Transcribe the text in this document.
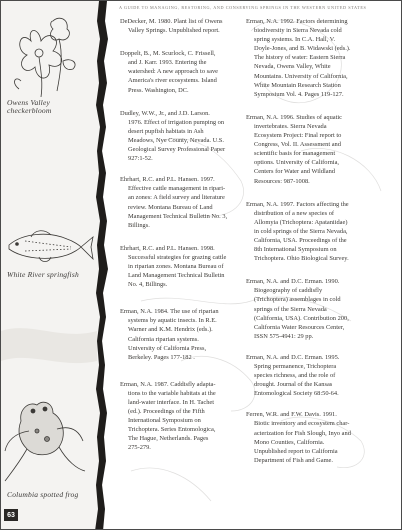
Owens Valley checkerbloom
White River springfish
Columbia spotted frog
63
A GUIDE TO MANAGING, RESTORING, AND CONSERVING SPRINGS IN THE WESTERN UNITED STATES

DeDecker, M. 1980. Plant list of Owens

Valley Springs. Unpublished report.

Doppelt, B., M. Scurlock, C. Frissell,

and J. Karr. 1993. Entering the

watershed: A new approach to save

America's river ecosystems. Island

Press. Washington, DC.

Dudley, W.W., Jr., and J.D. Larson.

1976. Effect of irrigation pumping on

desert pupfish habitats in Ash

Meadows, Nye County, Nevada. U.S.

Geological Survey Professional Paper

927:1-52.

Ehrhart, R.C. and P.L. Hansen. 1997.

Effective cattle management in ripari-

an zones: A field survey and literature

review. Montana Bureau of Land

Management Technical Bulletin No. 3,

Billings.

Ehrhart, R.C. and P.L. Hansen. 1998.

Successful strategies for grazing cattle

in riparian zones. Montana Bureau of

Land Management Technical Bulletin

No. 4, Billings.

Erman, N.A. 1984. The use of riparian

systems by aquatic insects. In R.E.

Warner and K.M. Hendrix (eds.).

California riparian systems.

University of California Press,

Berkeley. Pages 177-182 .

Erman, N.A. 1987. Caddisfly adapta-

tions to the variable habitats at the

land-water interface. In H. Tachet

(ed.). Proceedings of the Fifth

International Symposium on

Trichoptera. Series Entomologica,

The Hague, Netherlands. Pages

275-279.

Erman, N.A. 1992. Factors determining

biodiversity in Sierra Nevada cold

spring systems. In C.A. Hall, V.

Doyle-Jones, and B. Widawski (eds.).

The history of water: Eastern Sierra

Nevada, Owens Valley, White

Mountains. University of California,

White Mountain Research Station

Symposium Vol. 4. Pages 119-127.

Erman, N.A. 1996. Studies of aquatic

invertebrates. Sierra Nevada

Ecosystem Project: Final report to

Congress, Vol. II. Assessment and

scientific basis for management

options. University of California,

Centers for Water and Wildland

Resources: 987-1008.

Erman, N.A. 1997. Factors affecting the

distribution of a new species of

Allomyia (Trichoptera: Apataniidae)

in cold springs of the Sierra Nevada,

California, USA. Proceedings of the

8th International Symposium on

Trichoptera. Ohio Biological Survey.

Erman, N.A. and D.C. Erman. 1990.

Biogeography of caddisfly

(Trichoptera) assemblages in cold

springs of the Sierra Nevada

(California, USA). Contribution 200,

California Water Resources Center,

ISSN 575-4941: 29 pp.

Erman, N.A. and D.C. Erman. 1995.

Spring permanence, Trichoptera

species richness, and the role of

drought. Journal of the Kansas

Entomological Society 68:50-64.

Ferren, W.R. and F.W. Davis. 1991.

Biotic inventory and ecosystem char-

acterization for Fish Slough, Inyo and

Mono Counties, California.

Unpublished report to California

Department of Fish and Game.
